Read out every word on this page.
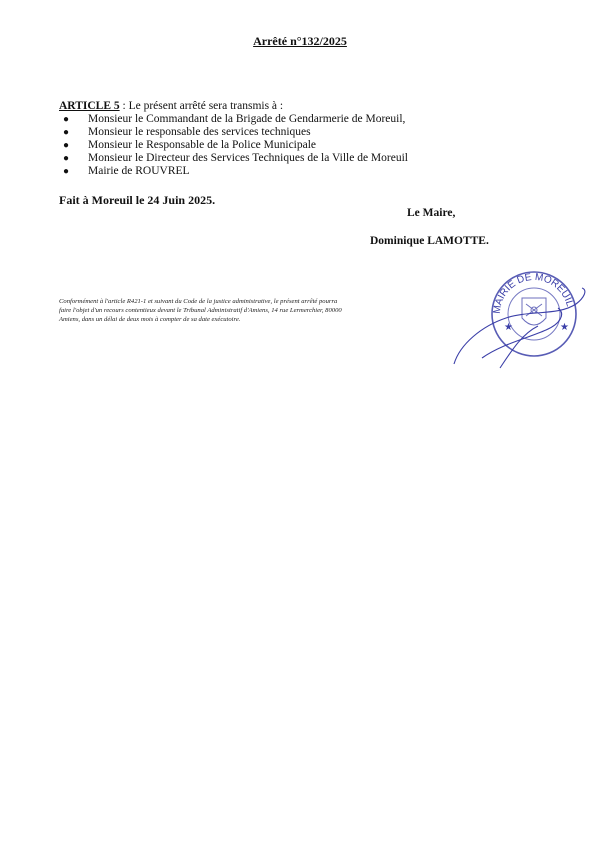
Arrêté n°132/2025
ARTICLE 5 : Le présent arrêté sera transmis à :
● Monsieur le Commandant de la Brigade de Gendarmerie de Moreuil,
● Monsieur le responsable des services techniques
● Monsieur le Responsable de la Police Municipale
● Monsieur le Directeur des Services Techniques de la Ville de Moreuil
● Mairie de ROUVREL
Fait à Moreuil le 24 Juin 2025.
Le Maire,
Dominique LAMOTTE.
Conformément à l'article R421-1 et suivant du Code de la justice administrative, le présent arrêté pourra faire l'objet d'un recours contentieux devant le Tribunal Administratif d'Amiens, 14 rue Lermerchier, 80000 Amiens, dans un délai de deux mois à compter de sa date exécutoire.
MAIRIE DE MOREUIL
★	★
